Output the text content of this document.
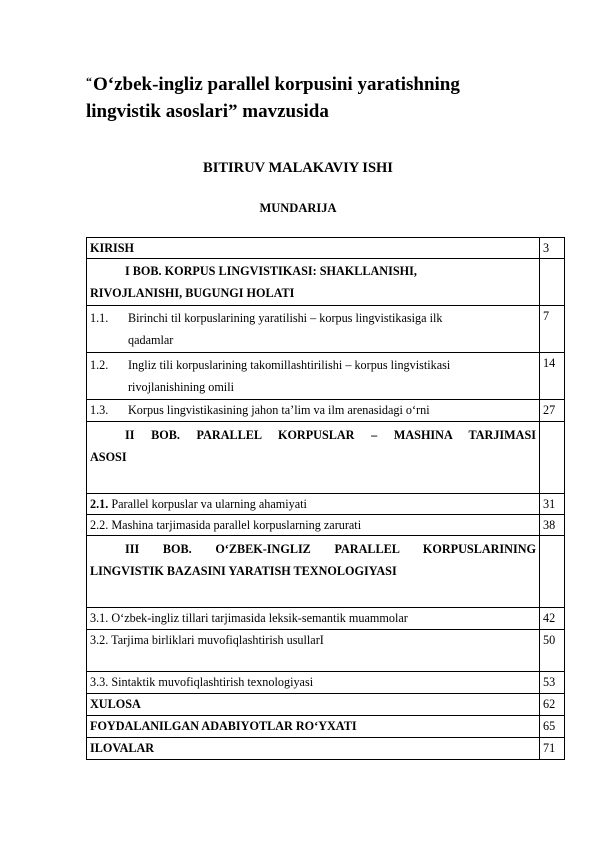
“O‘zbek-ingliz parallel korpusini yaratishning
lingvistik asoslari” mavzusida
BITIRUV MALAKAVIY ISHI
MUNDARIJA
KIRISH	3

I BOB. KORPUS LINGVISTIKASI: SHAKLLANISHI,
RIVOJLANISHI, BUGUNGI HOLATI	

1.1. Birinchi til korpuslarining yaratilishi – korpus lingvistikasiga ilk
qadamlar	7

1.2. Ingliz tili korpuslarining takomillashtirilishi – korpus lingvistikasi
rivojlanishining omili	14

1.3. Korpus lingvistikasining jahon ta’lim va ilm arenasidagi o‘rni	27

II BOB. PARALLEL KORPUSLAR – MASHINA TARJIMASI
ASOSI	

2.1. Parallel korpuslar va ularning ahamiyati	31
2.2. Mashina tarjimasida parallel korpuslarning zarurati	38

III BOB. O‘ZBEK-INGLIZ PARALLEL KORPUSLARINING
LINGVISTIK BAZASINI YARATISH TEXNOLOGIYASI	

3.1. O‘zbek-ingliz tillari tarjimasida leksik-semantik muammolar	42
3.2. Tarjima birliklari muvofiqlashtirish usullarI	50
3.3. Sintaktik muvofiqlashtirish texnologiyasi	53
XULOSA	62
FOYDALANILGAN ADABIYOTLAR RO‘YXATI	65
ILOVALAR	71
